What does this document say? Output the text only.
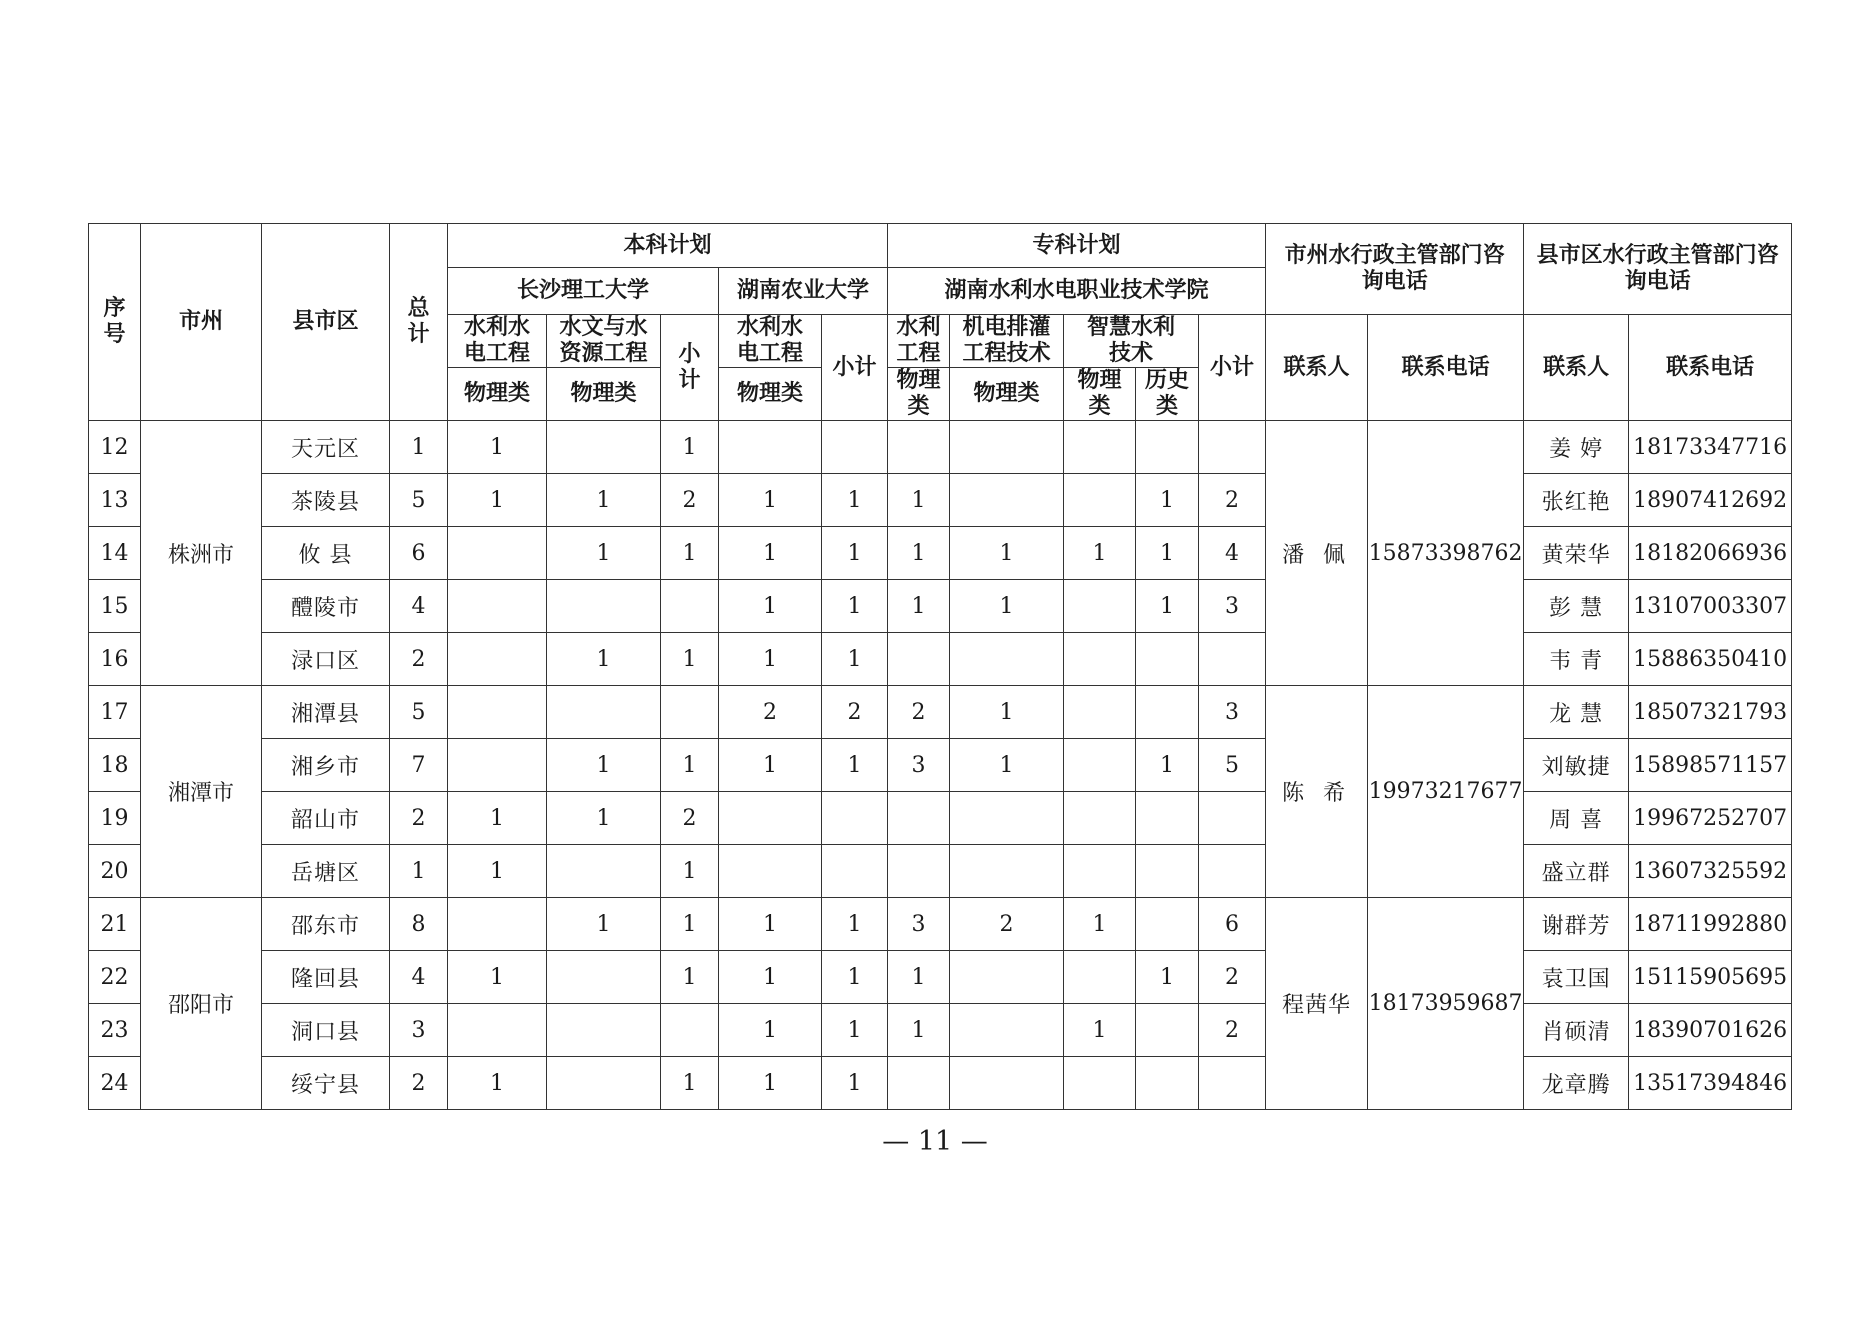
序号	市州	县市区	总计	本科计划					专科计划					市州水行政主管部门咨询电话		县市区水行政主管部门咨询电话	

				长沙理工大学			湖南农业大学		湖南水利水电职业技术学院								

				水利水电工程	水文与水资源工程	小计	水利水电工程	小计	水利工程	机电排灌工程技术	智慧水利技术		小计	联系人	联系电话	联系人	联系电话
				物理类	物理类		物理类		物理类	物理类	物理类	历史类					

12	株洲市	天元区	1	1		1								潘 佩	15873398762	姜 婷	18173347716
13		茶陵县	5	1	1	2	1	1	1			1	2			张红艳	18907412692
14		攸 县	6		1	1	1	1	1	1	1	1	4			黄荣华	18182066936
15		醴陵市	4				1	1	1	1		1	3			彭 慧	13107003307
16		渌口区	2		1	1	1	1								韦 青	15886350410
17	湘潭市	湘潭县	5				2	2	2	1			3	陈 希	19973217677	龙 慧	18507321793
18		湘乡市	7		1	1	1	1	3	1		1	5			刘敏捷	15898571157
19		韶山市	2	1	1	2										周 喜	19967252707
20		岳塘区	1	1		1										盛立群	13607325592
21	邵阳市	邵东市	8		1	1	1	1	3	2	1		6	程茜华	18173959687	谢群芳	18711992880
22		隆回县	4	1		1	1	1	1			1	2			袁卫国	15115905695
23		洞口县	3				1	1	1		1		2			肖硕清	18390701626
24		绥宁县	2	1		1	1	1								龙章腾	13517394846
— 11 —
